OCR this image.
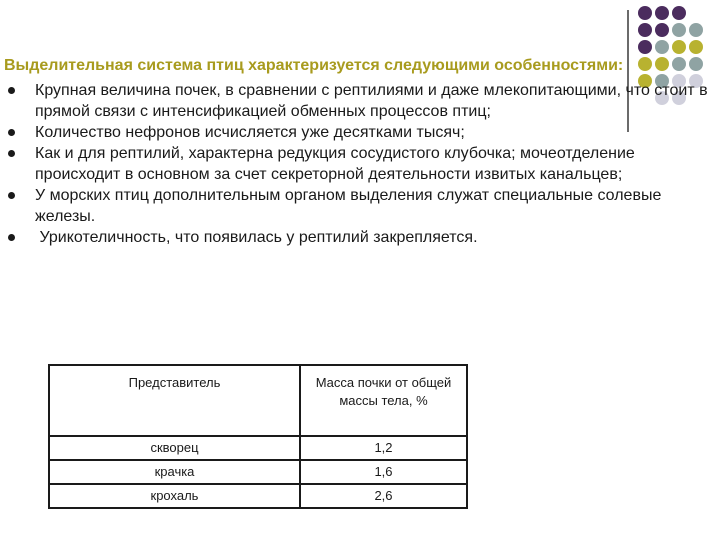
Выделительная система птиц характеризуется следующими особенностями:
Крупная величина почек, в сравнении с рептилиями и даже млекопитающими, что стоит в прямой связи с интенсификацией обменных процессов птиц;
Количество нефронов исчисляется уже десятками тысяч;
Как и для рептилий, характерна редукция сосудистого клубочка; мочеотделение происходит в основном за счет секреторной деятельности извитых канальцев;
У морских птиц дополнительным органом выделения служат специальные солевые железы.
Урикотеличность, что появилась у рептилий закрепляется.
Представитель	Масса почки от общей массы тела, %
скворец	1,2
крачка	1,6
крохаль	2,6
